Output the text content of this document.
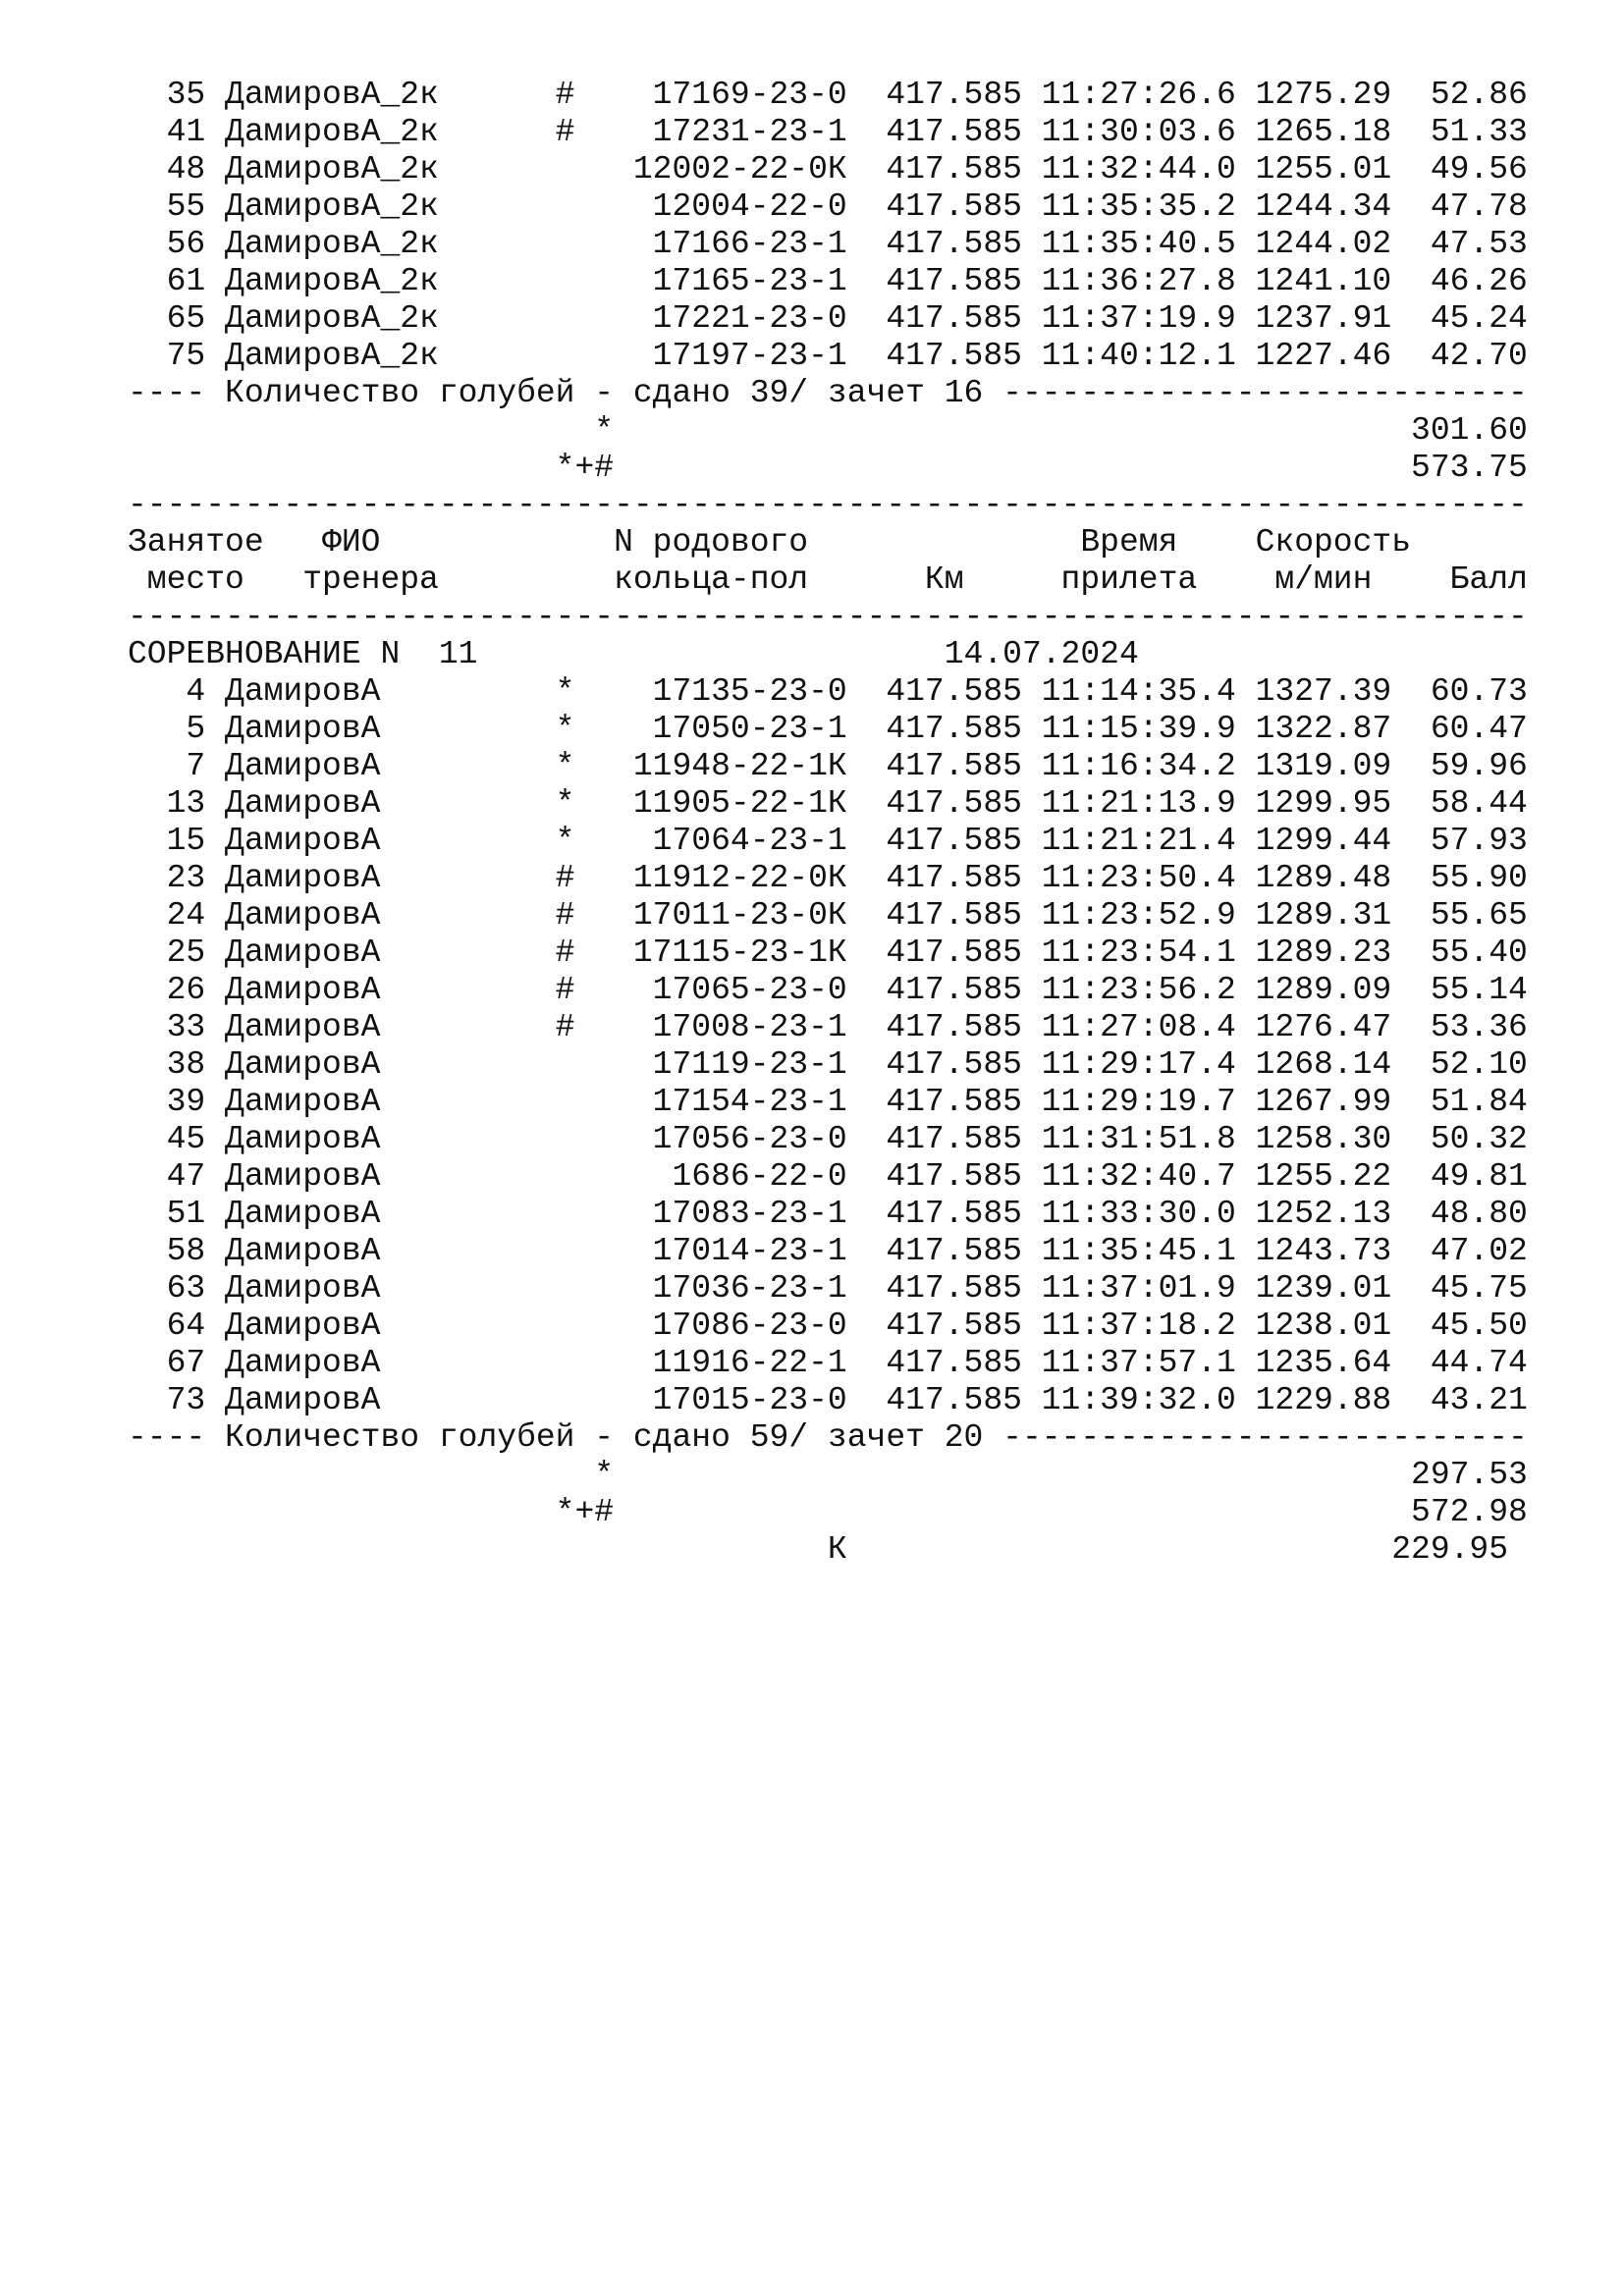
35 ДамировА_2к      #    17169-23-0  417.585 11:27:26.6 1275.29  52.86
41 ДамировА_2к      #    17231-23-1  417.585 11:30:03.6 1265.18  51.33
48 ДамировА_2к          12002-22-0К  417.585 11:32:44.0 1255.01  49.56
55 ДамировА_2к           12004-22-0  417.585 11:35:35.2 1244.34  47.78
56 ДамировА_2к           17166-23-1  417.585 11:35:40.5 1244.02  47.53
61 ДамировА_2к           17165-23-1  417.585 11:36:27.8 1241.10  46.26
65 ДамировА_2к           17221-23-0  417.585 11:37:19.9 1237.91  45.24
75 ДамировА_2к           17197-23-1  417.585 11:40:12.1 1227.46  42.70
---- Количество голубей - сдано 39/ зачет 16 ---------------------------
*                                         301.60
*+#                                         573.75
------------------------------------------------------------------------
Занятое   ФИО            N родового              Время    Скорость
место   тренера         кольца-пол      Км     прилета    м/мин    Балл
------------------------------------------------------------------------
СОРЕВНОВАНИЕ N  11                        14.07.2024
4 ДамировА         *    17135-23-0  417.585 11:14:35.4 1327.39  60.73
5 ДамировА         *    17050-23-1  417.585 11:15:39.9 1322.87  60.47
7 ДамировА         *   11948-22-1К  417.585 11:16:34.2 1319.09  59.96
13 ДамировА         *   11905-22-1К  417.585 11:21:13.9 1299.95  58.44
15 ДамировА         *    17064-23-1  417.585 11:21:21.4 1299.44  57.93
23 ДамировА         #   11912-22-0К  417.585 11:23:50.4 1289.48  55.90
24 ДамировА         #   17011-23-0К  417.585 11:23:52.9 1289.31  55.65
25 ДамировА         #   17115-23-1К  417.585 11:23:54.1 1289.23  55.40
26 ДамировА         #    17065-23-0  417.585 11:23:56.2 1289.09  55.14
33 ДамировА         #    17008-23-1  417.585 11:27:08.4 1276.47  53.36
38 ДамировА              17119-23-1  417.585 11:29:17.4 1268.14  52.10
39 ДамировА              17154-23-1  417.585 11:29:19.7 1267.99  51.84
45 ДамировА              17056-23-0  417.585 11:31:51.8 1258.30  50.32
47 ДамировА               1686-22-0  417.585 11:32:40.7 1255.22  49.81
51 ДамировА              17083-23-1  417.585 11:33:30.0 1252.13  48.80
58 ДамировА              17014-23-1  417.585 11:35:45.1 1243.73  47.02
63 ДамировА              17036-23-1  417.585 11:37:01.9 1239.01  45.75
64 ДамировА              17086-23-0  417.585 11:37:18.2 1238.01  45.50
67 ДамировА              11916-22-1  417.585 11:37:57.1 1235.64  44.74
73 ДамировА              17015-23-0  417.585 11:39:32.0 1229.88  43.21
---- Количество голубей - сдано 59/ зачет 20 ---------------------------
*                                         297.53
*+#                                         572.98
К                            229.95
